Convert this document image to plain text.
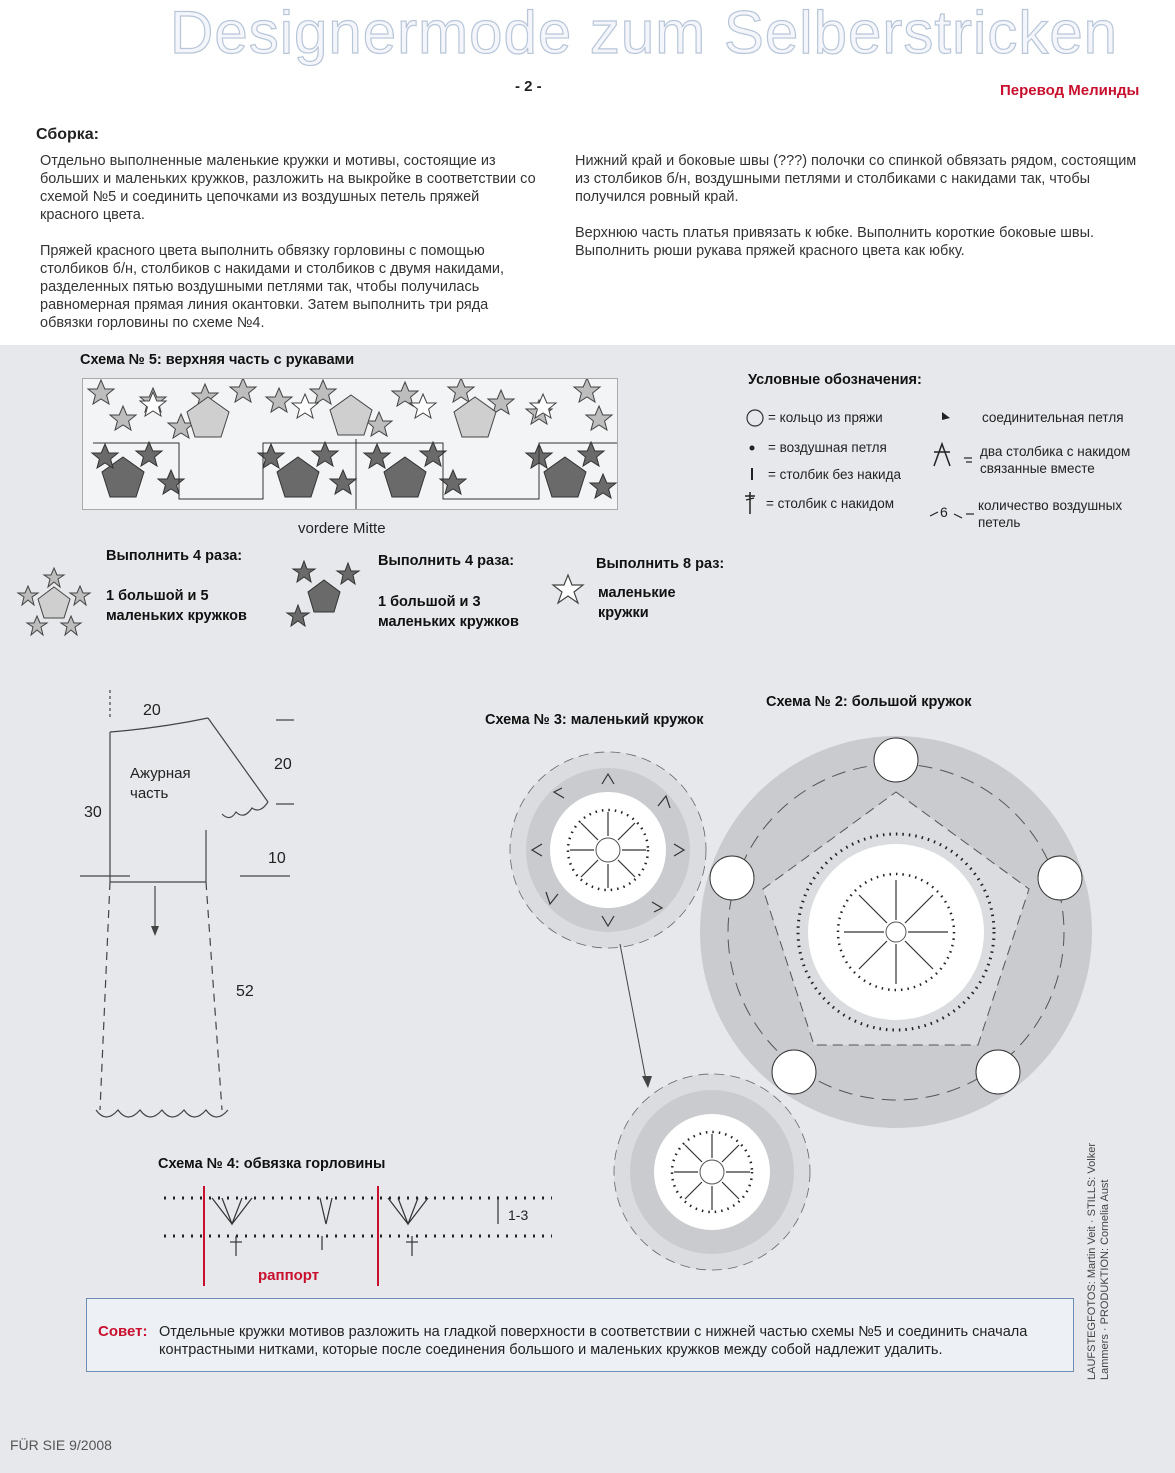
Designermode zum Selberstricken
- 2 -	Перевод Мелинды
Сборка:

Отдельно выполненные маленькие кружки и мотивы, состоящие из больших и маленьких кружков, разложить на выкройке в соответствии со схемой №5 и соединить цепочками из воздушных петель пряжей красного цвета.

Пряжей красного цвета выполнить обвязку горловины с помощью столбиков б/н, столбиков с накидами и столбиков с двумя накидами, разделенных пятью воздушными петлями так, чтобы получилась равномерная прямая линия окантовки. Затем выполнить три ряда обвязки горловины по схеме №4.

Нижний край и боковые швы (???) полочки со спинкой обвязать рядом, состоящим из столбиков б/н, воздушными петлями и столбиками с накидами так, чтобы получился ровный край.

Верхнюю часть платья привязать к юбке. Выполнить короткие боковые швы. Выполнить рюши рукава пряжей красного цвета как юбку.

Схема № 5: верхняя часть с рукавами
vordere Mitte
Условные обозначения:
= кольцо из пряжи
= воздушная петля
= столбик без накида
= столбик с накидом
соединительная петля
два столбика с накидом связанные вместе
6 количество воздушных петель
Выполнить 4 раза:
1 большой и 5 маленьких кружков
Выполнить 4 раза:
1 большой и 3 маленьких кружков
Выполнить 8 раз:
маленькие кружки
20
20
30
10
52
Ажурная часть
Схема № 3: маленький кружок
Схема № 2: большой кружок
Схема № 4: обвязка горловины
1-3
раппорт
Совет: Отдельные кружки мотивов разложить на гладкой поверхности в соответствии с нижней частью схемы №5 и соединить сначала контрастными нитками, которые после соединения большого и маленьких кружков между собой надлежит удалить.	LAUFSTEGFOTOS: Martin Veit · STILLS: Volker Lammers · PRODUKTION: Cornelia Aust
FÜR SIE 9/2008
